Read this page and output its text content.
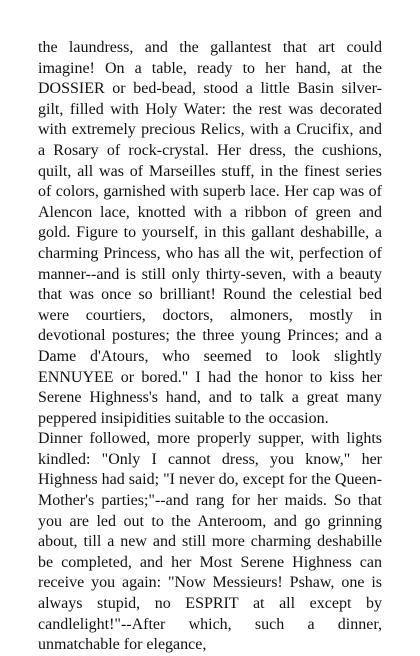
the laundress, and the gallantest that art could imagine! On a table, ready to her hand, at the DOSSIER or bed-bead, stood a little Basin silver-gilt, filled with Holy Water: the rest was decorated with extremely precious Relics, with a Crucifix, and a Rosary of rock-crystal. Her dress, the cushions, quilt, all was of Marseilles stuff, in the finest series of colors, garnished with superb lace. Her cap was of Alencon lace, knotted with a ribbon of green and gold. Figure to yourself, in this gallant deshabille, a charming Princess, who has all the wit, perfection of manner--and is still only thirty-seven, with a beauty that was once so brilliant! Round the celestial bed were courtiers, doctors, almoners, mostly in devotional postures; the three young Princes; and a Dame d'Atours, who seemed to look slightly ENNUYEE or bored." I had the honor to kiss her Serene Highness's hand, and to talk a great many peppered insipidities suitable to the occasion.

Dinner followed, more properly supper, with lights kindled: "Only I cannot dress, you know," her Highness had said; "I never do, except for the Queen-Mother's parties;"--and rang for her maids. So that you are led out to the Anteroom, and go grinning about, till a new and still more charming deshabille be completed, and her Most Serene Highness can receive you again: "Now Messieurs! Pshaw, one is always stupid, no ESPRIT at all except by candlelight!"--After which, such a dinner, unmatchable for elegance,
